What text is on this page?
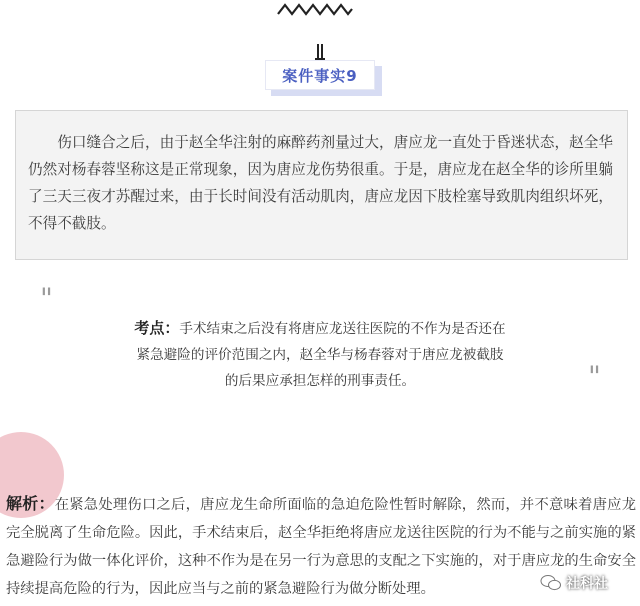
案件事实9
伤口缝合之后，由于赵全华注射的麻醉药剂量过大，唐应龙一直处于昏迷状态，赵全华仍然对杨春蓉坚称这是正常现象，因为唐应龙伤势很重。于是，唐应龙在赵全华的诊所里躺了三天三夜才苏醒过来，由于长时间没有活动肌肉，唐应龙因下肢栓塞导致肌肉组织坏死，不得不截肢。
"
"
考点：手术结束之后没有将唐应龙送往医院的不作为是否还在
紧急避险的评价范围之内，赵全华与杨春蓉对于唐应龙被截肢
的后果应承担怎样的刑事责任。
解析：在紧急处理伤口之后，唐应龙生命所面临的急迫危险性暂时解除，然而，并不意味着唐应龙完全脱离了生命危险。因此，手术结束后，赵全华拒绝将唐应龙送往医院的行为不能与之前实施的紧急避险行为做一体化评价，这种不作为是在另一行为意思的支配之下实施的，对于唐应龙的生命安全持续提高危险的行为，因此应当与之前的紧急避险行为做分断处理。	社科社
